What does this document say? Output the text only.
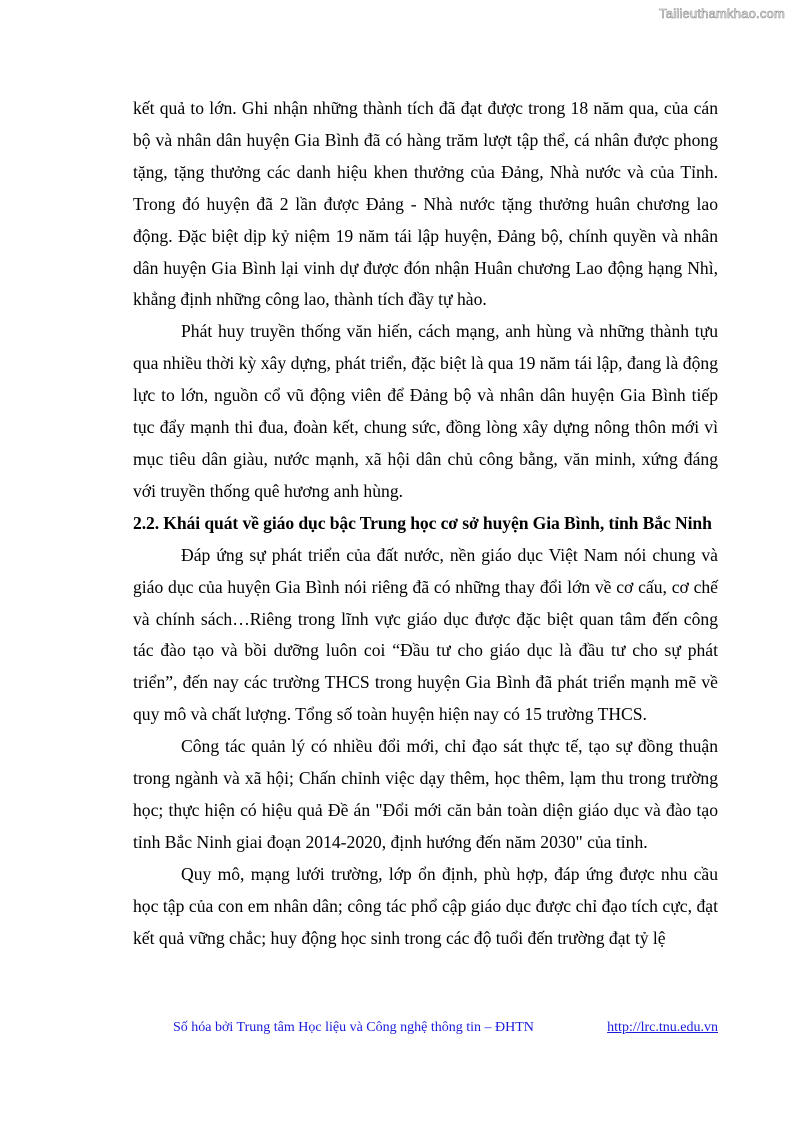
Tailieuthamkhao.com

kết quả to lớn. Ghi nhận những thành tích đã đạt được trong 18 năm qua, của cán bộ và nhân dân huyện Gia Bình đã có hàng trăm lượt tập thể, cá nhân được phong tặng, tặng thưởng các danh hiệu khen thưởng của Đảng, Nhà nước và của Tỉnh. Trong đó huyện đã 2 lần được Đảng - Nhà nước tặng thưởng huân chương lao động. Đặc biệt dịp kỷ niệm 19 năm tái lập huyện, Đảng bộ, chính quyền và nhân dân huyện Gia Bình lại vinh dự được đón nhận Huân chương Lao động hạng Nhì, khẳng định những công lao, thành tích đầy tự hào.

Phát huy truyền thống văn hiến, cách mạng, anh hùng và những thành tựu qua nhiều thời kỳ xây dựng, phát triển, đặc biệt là qua 19 năm tái lập, đang là động lực to lớn, nguồn cổ vũ động viên để Đảng bộ và nhân dân huyện Gia Bình tiếp tục đẩy mạnh thi đua, đoàn kết, chung sức, đồng lòng xây dựng nông thôn mới vì mục tiêu dân giàu, nước mạnh, xã hội dân chủ công bằng, văn minh, xứng đáng với truyền thống quê hương anh hùng.

2.2. Khái quát về giáo dục bậc Trung học cơ sở huyện Gia Bình, tỉnh Bắc Ninh

Đáp ứng sự phát triển của đất nước, nền giáo dục Việt Nam nói chung và giáo dục của huyện Gia Bình nói riêng đã có những thay đổi lớn về cơ cấu, cơ chế và chính sách…Riêng trong lĩnh vực giáo dục được đặc biệt quan tâm đến công tác đào tạo và bồi dưỡng luôn coi “Đầu tư cho giáo dục là đầu tư cho sự phát triển”, đến nay các trường THCS trong huyện Gia Bình đã phát triển mạnh mẽ về quy mô và chất lượng. Tổng số toàn huyện hiện nay có 15 trường THCS.

Công tác quản lý có nhiều đổi mới, chỉ đạo sát thực tế, tạo sự đồng thuận trong ngành và xã hội; Chấn chỉnh việc dạy thêm, học thêm, lạm thu trong trường học; thực hiện có hiệu quả Đề án "Đổi mới căn bản toàn diện giáo dục và đào tạo tỉnh Bắc Ninh giai đoạn 2014-2020, định hướng đến năm 2030" của tỉnh.

Quy mô, mạng lưới trường, lớp ổn định, phù hợp, đáp ứng được nhu cầu học tập của con em nhân dân; công tác phổ cập giáo dục được chỉ đạo tích cực, đạt kết quả vững chắc; huy động học sinh trong các độ tuổi đến trường đạt tỷ lệ

Số hóa bởi Trung tâm Học liệu và Công nghệ thông tin – ĐHTN	http://lrc.tnu.edu.vn
